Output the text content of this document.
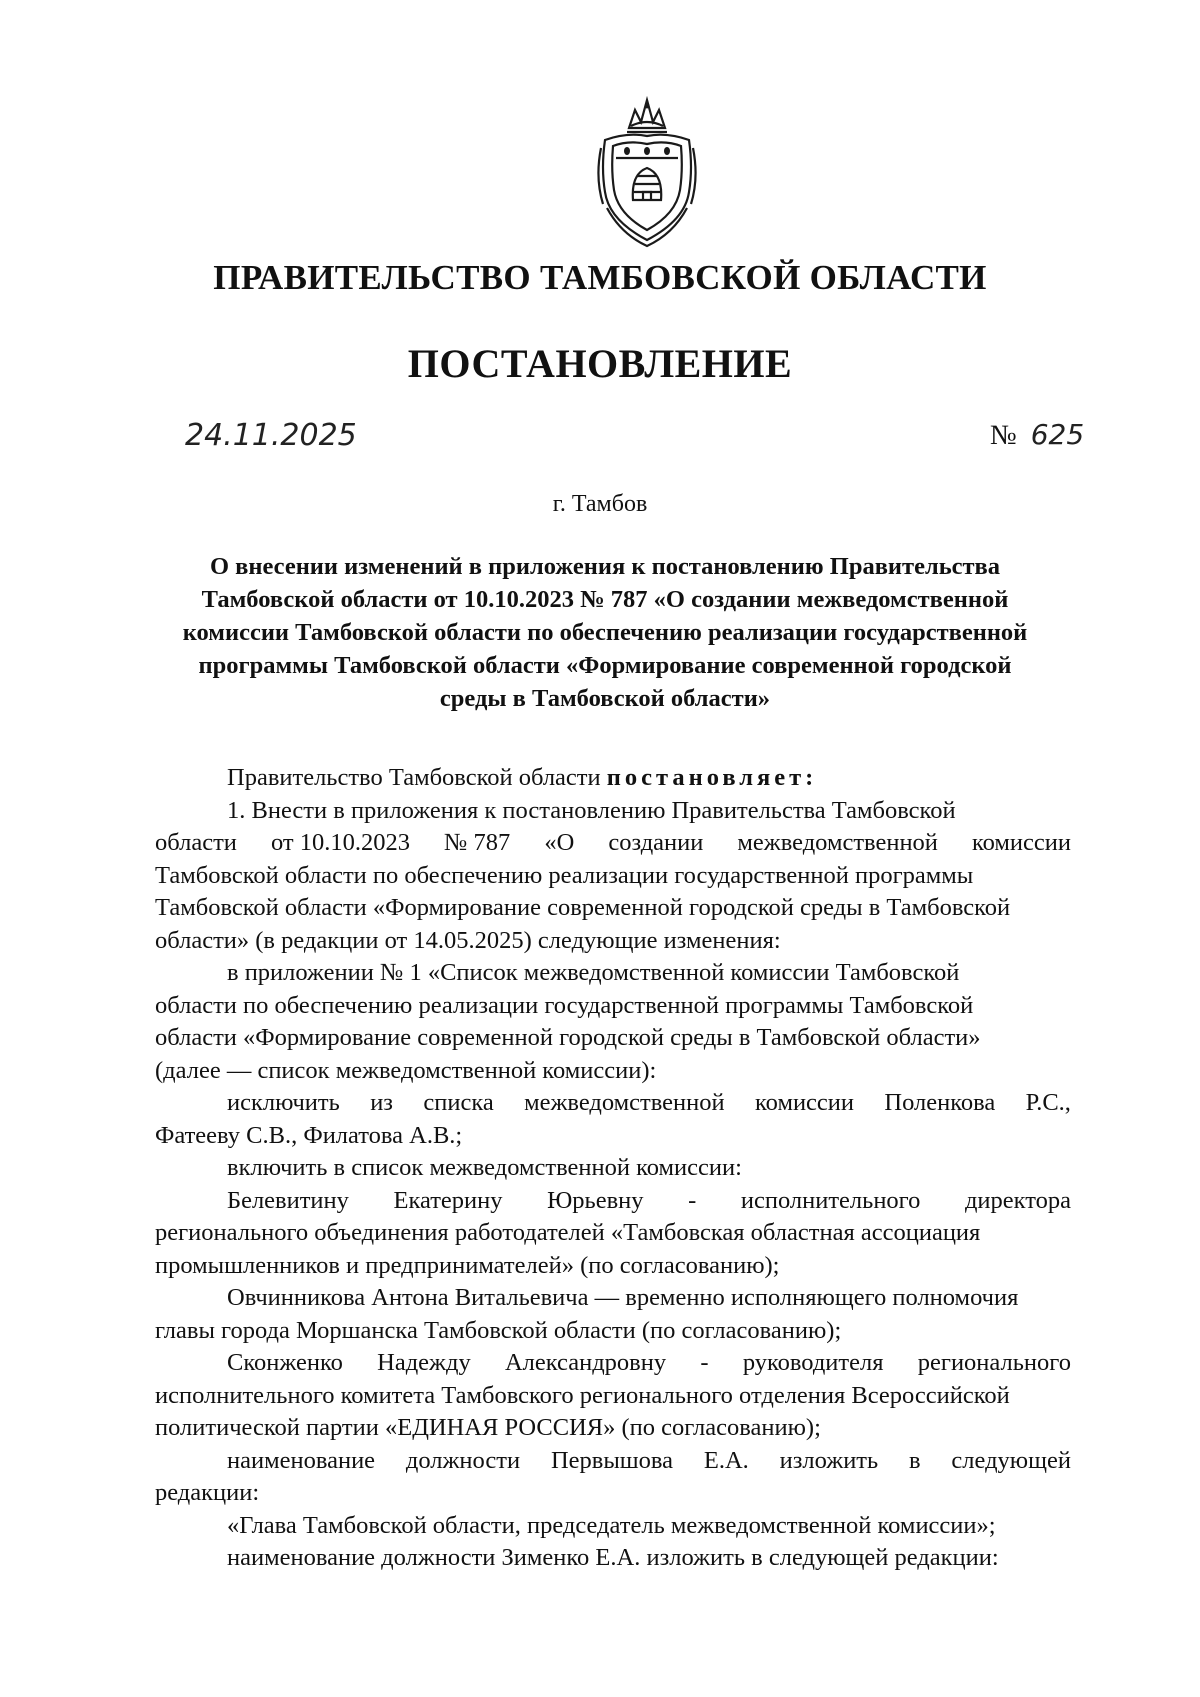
ПРАВИТЕЛЬСТВО ТАМБОВСКОЙ ОБЛАСТИ
ПОСТАНОВЛЕНИЕ
24.11.2025	№ 625
г. Тамбов
О внесении изменений в приложения к постановлению Правительства
Тамбовской области от 10.10.2023 № 787 «О создании межведомственной
комиссии Тамбовской области по обеспечению реализации государственной
программы Тамбовской области «Формирование современной городской
среды в Тамбовской области»
Правительство Тамбовской области постановляет:
1. Внести в приложения к постановлению Правительства Тамбовской
области от 10.10.2023 № 787 «О создании межведомственной комиссии
Тамбовской области по обеспечению реализации государственной программы
Тамбовской области «Формирование современной городской среды в Тамбовской
области» (в редакции от 14.05.2025) следующие изменения:
в приложении № 1 «Список межведомственной комиссии Тамбовской
области по обеспечению реализации государственной программы Тамбовской
области «Формирование современной городской среды в Тамбовской области»
(далее — список межведомственной комиссии):
исключить из списка межведомственной комиссии Поленкова Р.С.,
Фатееву С.В., Филатова А.В.;
включить в список межведомственной комиссии:
Белевитину Екатерину Юрьевну - исполнительного директора
регионального объединения работодателей «Тамбовская областная ассоциация
промышленников и предпринимателей» (по согласованию);
Овчинникова Антона Витальевича — временно исполняющего полномочия
главы города Моршанска Тамбовской области (по согласованию);
Сконженко Надежду Александровну - руководителя регионального
исполнительного комитета Тамбовского регионального отделения Всероссийской
политической партии «ЕДИНАЯ РОССИЯ» (по согласованию);
наименование должности Первышова Е.А. изложить в следующей
редакции:
«Глава Тамбовской области, председатель межведомственной комиссии»;
наименование должности Зименко Е.А. изложить в следующей редакции:
